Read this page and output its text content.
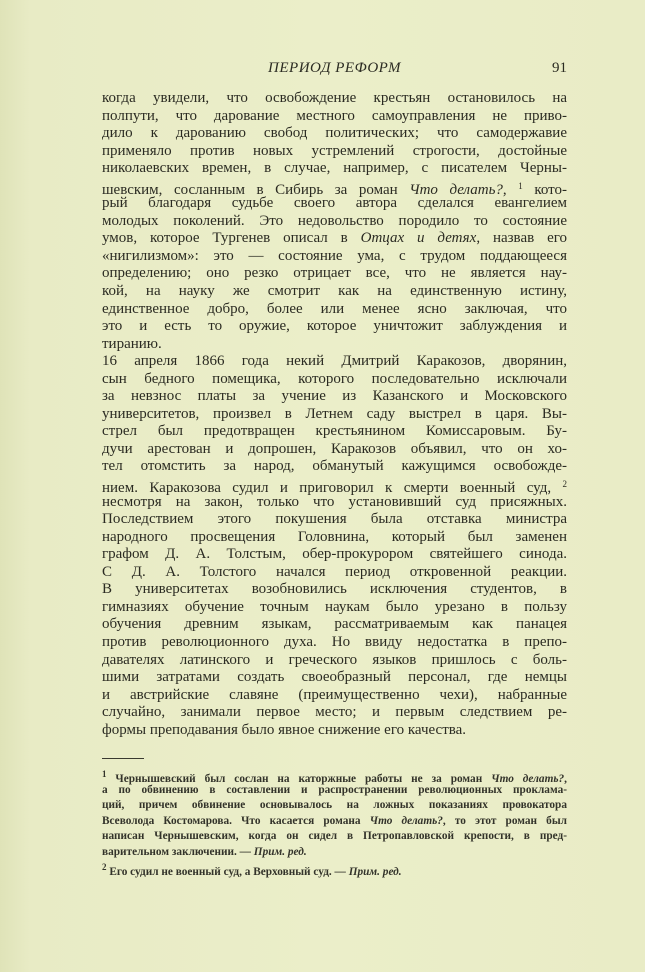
ПЕРИОД РЕФОРМ	91
когда увидели, что освобождение крестьян остановилось на
полпути, что дарование местного самоуправления не приво-
дило к дарованию свобод политических; что самодержавие
применяло против новых устремлений строгости, достойные
николаевских времен, в случае, например, с писателем Черны-
шевским, сосланным в Сибирь за роман Что делать?, $^1$ кото-
рый благодаря судьбе своего автора сделался евангелием
молодых поколений. Это недовольство породило то состояние
умов, которое Тургенев описал в Отцах и детях, назвав его
«нигилизмом»: это — состояние ума, с трудом поддающееся
определению; оно резко отрицает все, что не является нау-
кой, на науку же смотрит как на единственную истину,
единственное добро, более или менее ясно заключая, что
это и есть то оружие, которое уничтожит заблуждения и
тиранию.
16 апреля 1866 года некий Дмитрий Каракозов, дворянин,
сын бедного помещика, которого последовательно исключали
за невзнос платы за учение из Казанского и Московского
университетов, произвел в Летнем саду выстрел в царя. Вы-
стрел был предотвращен крестьянином Комиссаровым. Бу-
дучи арестован и допрошен, Каракозов объявил, что он хо-
тел отомстить за народ, обманутый кажущимся освобожде-
нием. Каракозова судил и приговорил к смерти военный суд, $^2$
несмотря на закон, только что установивший суд присяжных.
Последствием этого покушения была отставка министра
народного просвещения Головнина, который был заменен
графом Д. А. Толстым, обер-прокурором святейшего синода.
С Д. А. Толстого начался период откровенной реакции.
В университетах возобновились исключения студентов, в
гимназиях обучение точным наукам было урезано в пользу
обучения древним языкам, рассматриваемым как панацея
против революционного духа. Но ввиду недостатка в препо-
давателях латинского и греческого языков пришлось с боль-
шими затратами создать своеобразный персонал, где немцы
и австрийские славяне (преимущественно чехи), набранные
случайно, занимали первое место; и первым следствием ре-
формы преподавания было явное снижение его качества.
$^1$ Чернышевский был сослан на каторжные работы не за роман Что делать?,
а по обвинению в составлении и распространении революционных проклама-
ций, причем обвинение основывалось на ложных показаниях провокатора
Всеволода Костомарова. Что касается романа Что делать?, то этот роман был
написан Чернышевским, когда он сидел в Петропавловской крепости, в пред-
варительном заключении. — Прим. ред.
$^2$ Его судил не военный суд, а Верховный суд. — Прим. ред.
